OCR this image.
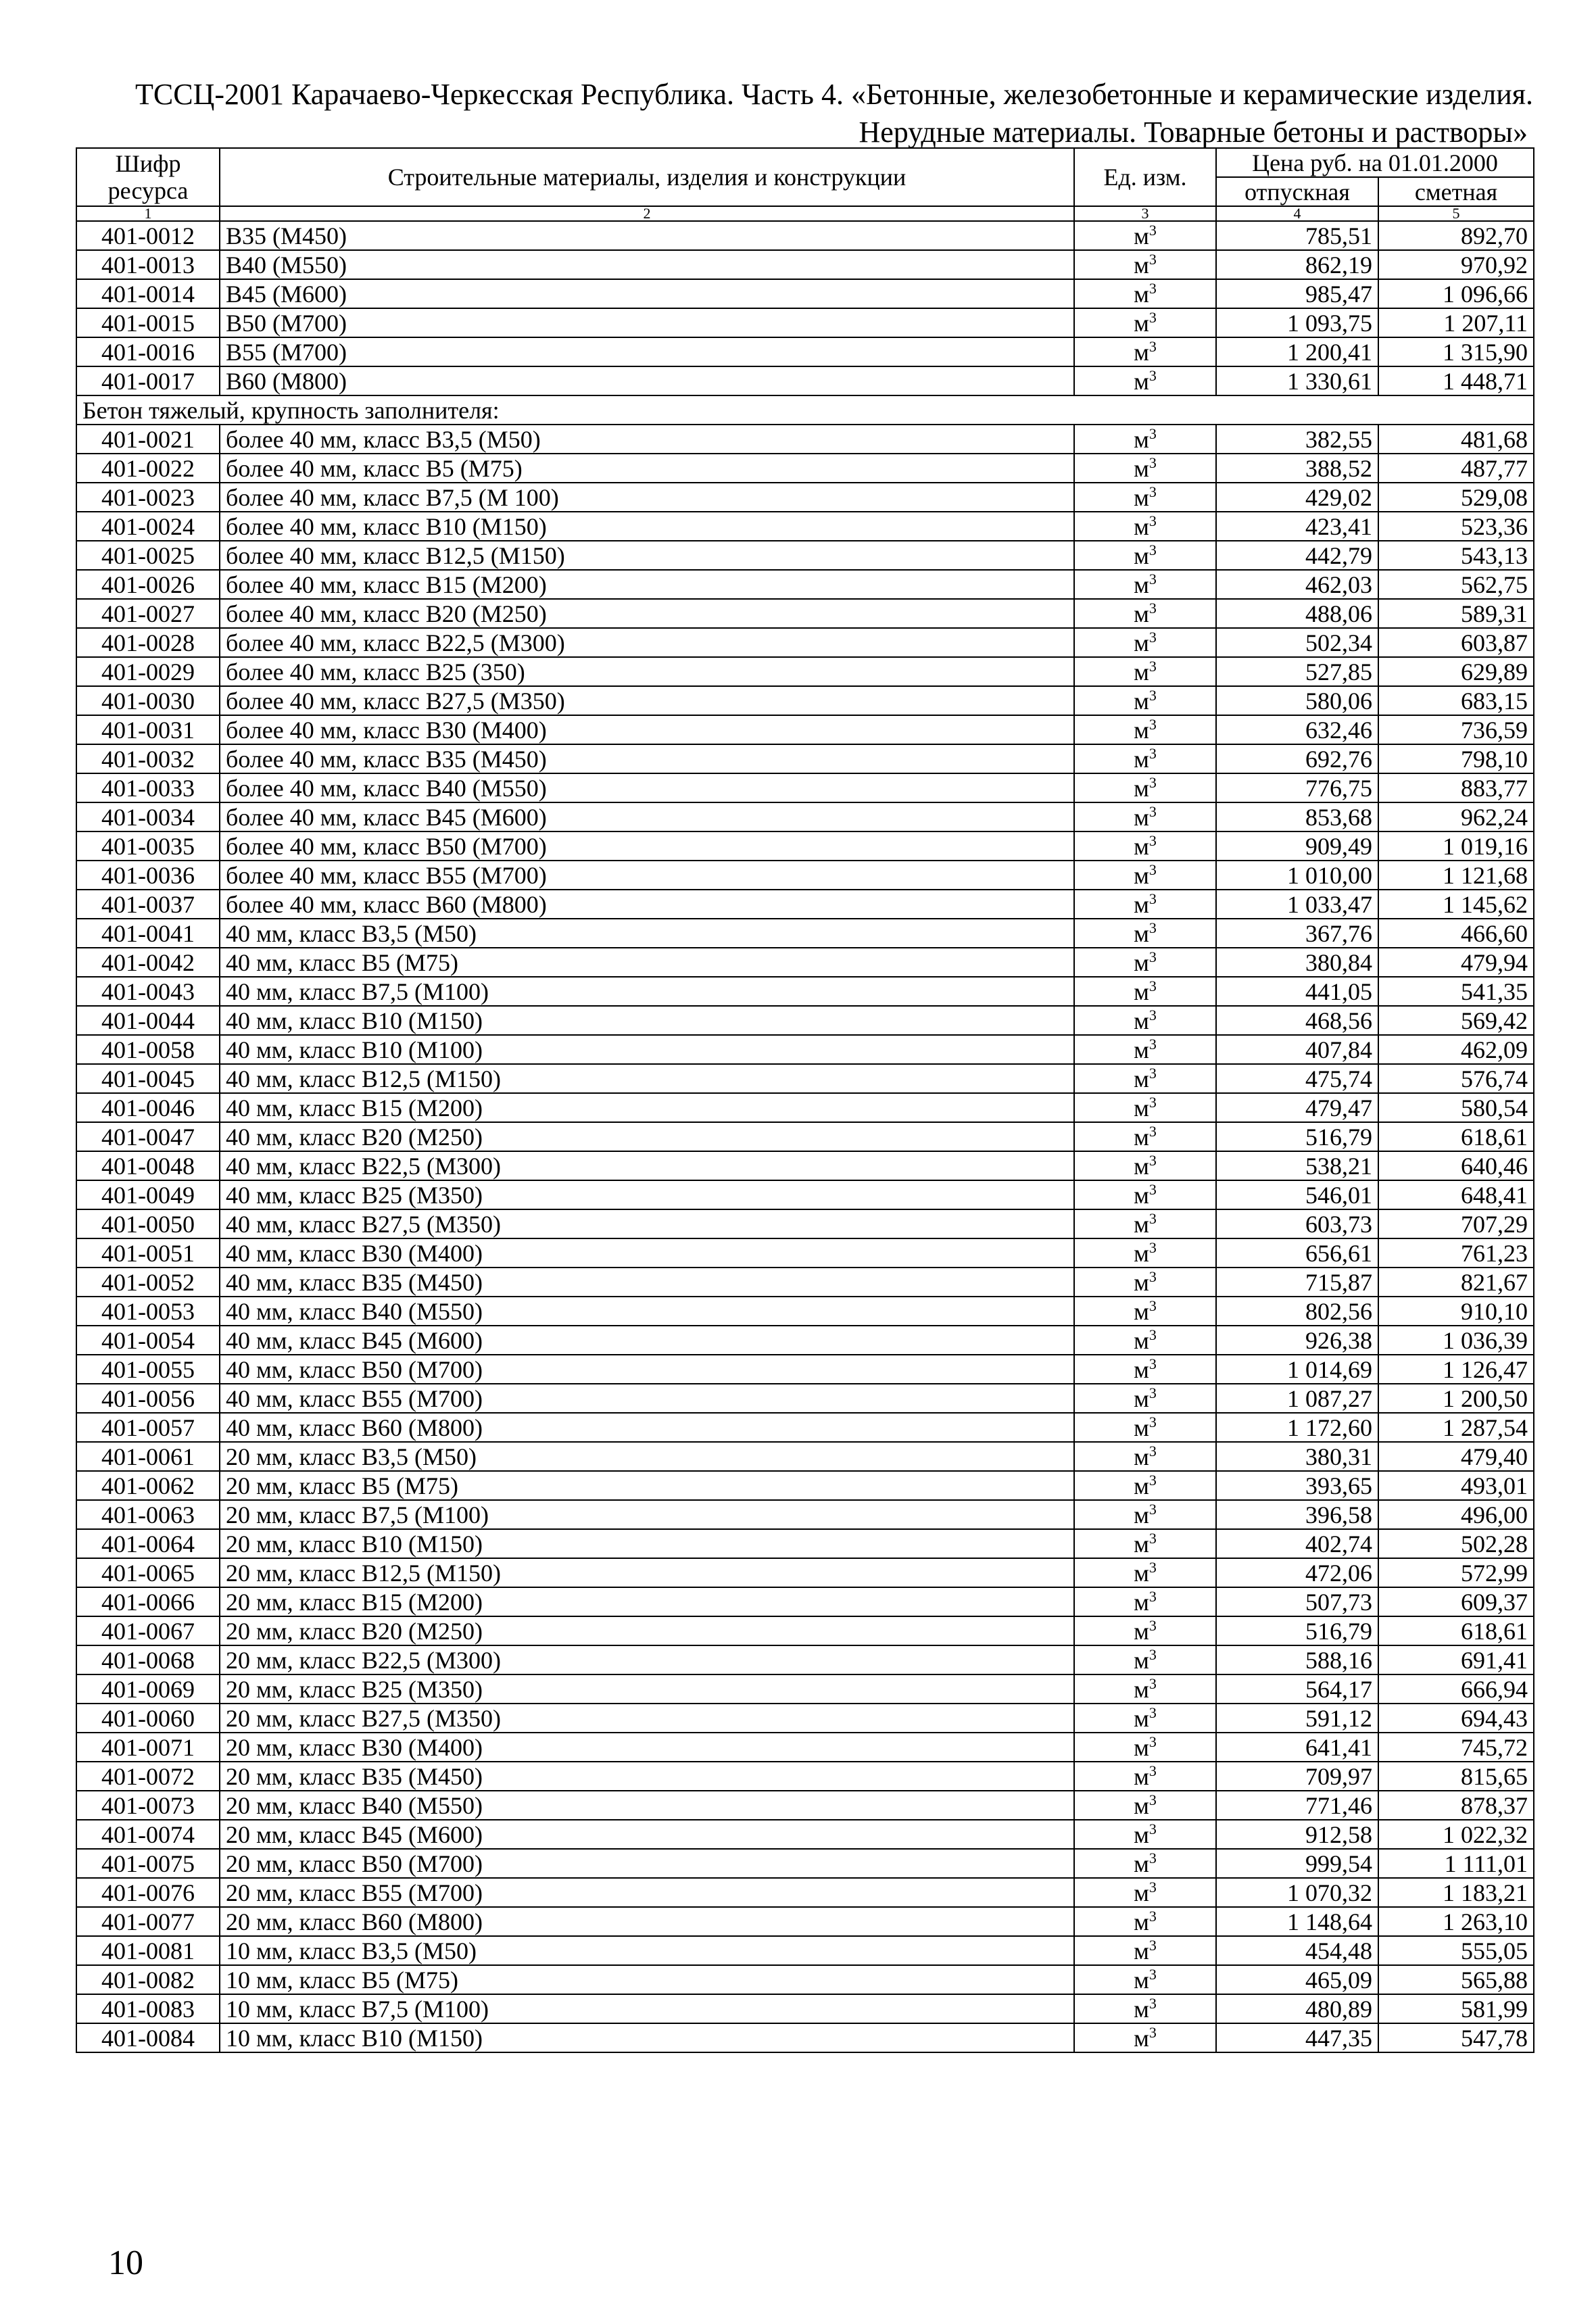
ТССЦ-2001 Карачаево-Черкесская Республика. Часть 4. «Бетонные, железобетонные и керамические изделия.
Нерудные материалы. Товарные бетоны и растворы»
Шифр ресурса	Строительные материалы, изделия и конструкции	Ед. изм.	Цена руб. на 01.01.2000	
			отпускная	сметная
1	2	3	4	5
401-0012	В35 (М450)	$м^3$	785,51	892,70
401-0013	В40 (М550)	$м^3$	862,19	970,92
401-0014	В45 (М600)	$м^3$	985,47	1 096,66
401-0015	В50 (М700)	$м^3$	1 093,75	1 207,11
401-0016	В55 (М700)	$м^3$	1 200,41	1 315,90
401-0017	В60 (М800)	$м^3$	1 330,61	1 448,71
Бетон тяжелый, крупность заполнителя:				
401-0021	более 40 мм, класс В3,5 (М50)	$м^3$	382,55	481,68
401-0022	более 40 мм, класс В5 (М75)	$м^3$	388,52	487,77
401-0023	более 40 мм, класс В7,5 (М 100)	$м^3$	429,02	529,08
401-0024	более 40 мм, класс В10 (М150)	$м^3$	423,41	523,36
401-0025	более 40 мм, класс В12,5 (М150)	$м^3$	442,79	543,13
401-0026	более 40 мм, класс В15 (М200)	$м^3$	462,03	562,75
401-0027	более 40 мм, класс В20 (М250)	$м^3$	488,06	589,31
401-0028	более 40 мм, класс В22,5 (М300)	$м^3$	502,34	603,87
401-0029	более 40 мм, класс В25 (350)	$м^3$	527,85	629,89
401-0030	более 40 мм, класс В27,5 (М350)	$м^3$	580,06	683,15
401-0031	более 40 мм, класс В30 (М400)	$м^3$	632,46	736,59
401-0032	более 40 мм, класс В35 (М450)	$м^3$	692,76	798,10
401-0033	более 40 мм, класс В40 (М550)	$м^3$	776,75	883,77
401-0034	более 40 мм, класс В45 (М600)	$м^3$	853,68	962,24
401-0035	более 40 мм, класс В50 (М700)	$м^3$	909,49	1 019,16
401-0036	более 40 мм, класс В55 (М700)	$м^3$	1 010,00	1 121,68
401-0037	более 40 мм, класс В60 (М800)	$м^3$	1 033,47	1 145,62
401-0041	40 мм, класс В3,5 (М50)	$м^3$	367,76	466,60
401-0042	40 мм, класс В5 (М75)	$м^3$	380,84	479,94
401-0043	40 мм, класс В7,5 (М100)	$м^3$	441,05	541,35
401-0044	40 мм, класс В10 (М150)	$м^3$	468,56	569,42
401-0058	40 мм, класс В10 (М100)	$м^3$	407,84	462,09
401-0045	40 мм, класс В12,5 (М150)	$м^3$	475,74	576,74
401-0046	40 мм, класс В15 (М200)	$м^3$	479,47	580,54
401-0047	40 мм, класс В20 (М250)	$м^3$	516,79	618,61
401-0048	40 мм, класс В22,5 (М300)	$м^3$	538,21	640,46
401-0049	40 мм, класс В25 (М350)	$м^3$	546,01	648,41
401-0050	40 мм, класс В27,5 (М350)	$м^3$	603,73	707,29
401-0051	40 мм, класс В30 (М400)	$м^3$	656,61	761,23
401-0052	40 мм, класс В35 (М450)	$м^3$	715,87	821,67
401-0053	40 мм, класс В40 (М550)	$м^3$	802,56	910,10
401-0054	40 мм, класс В45 (М600)	$м^3$	926,38	1 036,39
401-0055	40 мм, класс В50 (М700)	$м^3$	1 014,69	1 126,47
401-0056	40 мм, класс В55 (М700)	$м^3$	1 087,27	1 200,50
401-0057	40 мм, класс В60 (М800)	$м^3$	1 172,60	1 287,54
401-0061	20 мм, класс В3,5 (М50)	$м^3$	380,31	479,40
401-0062	20 мм, класс В5 (М75)	$м^3$	393,65	493,01
401-0063	20 мм, класс В7,5 (М100)	$м^3$	396,58	496,00
401-0064	20 мм, класс В10 (М150)	$м^3$	402,74	502,28
401-0065	20 мм, класс В12,5 (М150)	$м^3$	472,06	572,99
401-0066	20 мм, класс В15 (М200)	$м^3$	507,73	609,37
401-0067	20 мм, класс В20 (М250)	$м^3$	516,79	618,61
401-0068	20 мм, класс В22,5 (М300)	$м^3$	588,16	691,41
401-0069	20 мм, класс В25 (М350)	$м^3$	564,17	666,94
401-0060	20 мм, класс В27,5 (М350)	$м^3$	591,12	694,43
401-0071	20 мм, класс В30 (М400)	$м^3$	641,41	745,72
401-0072	20 мм, класс В35 (М450)	$м^3$	709,97	815,65
401-0073	20 мм, класс В40 (М550)	$м^3$	771,46	878,37
401-0074	20 мм, класс В45 (М600)	$м^3$	912,58	1 022,32
401-0075	20 мм, класс В50 (М700)	$м^3$	999,54	1 111,01
401-0076	20 мм, класс В55 (М700)	$м^3$	1 070,32	1 183,21
401-0077	20 мм, класс В60 (М800)	$м^3$	1 148,64	1 263,10
401-0081	10 мм, класс В3,5 (М50)	$м^3$	454,48	555,05
401-0082	10 мм, класс В5 (М75)	$м^3$	465,09	565,88
401-0083	10 мм, класс В7,5 (М100)	$м^3$	480,89	581,99
401-0084	10 мм, класс В10 (М150)	$м^3$	447,35	547,78
10
